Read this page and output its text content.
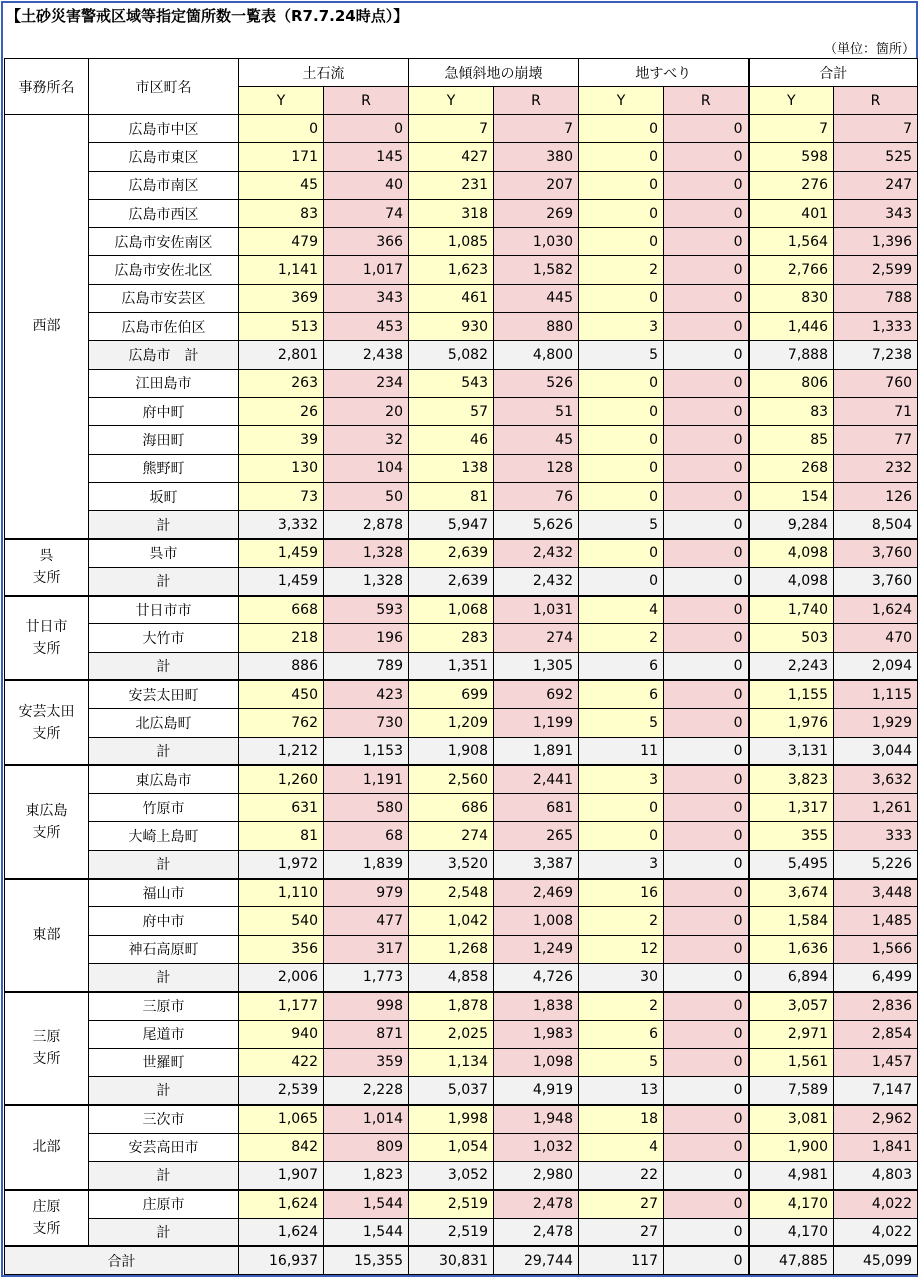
【土砂災害警戒区域等指定箇所数一覧表（R7.7.24時点）】
（単位：箇所）
事務所名	市区町名	土石流		急傾斜地の崩壊		地すべり		合計	
		Y	R	Y	R	Y	R	Y	R
西部	広島市中区	0	0	7	7	0	0	7	7
	広島市東区	171	145	427	380	0	0	598	525
	広島市南区	45	40	231	207	0	0	276	247
	広島市西区	83	74	318	269	0	0	401	343
	広島市安佐南区	479	366	1,085	1,030	0	0	1,564	1,396
	広島市安佐北区	1,141	1,017	1,623	1,582	2	0	2,766	2,599
	広島市安芸区	369	343	461	445	0	0	830	788
	広島市佐伯区	513	453	930	880	3	0	1,446	1,333
	広島市　計	2,801	2,438	5,082	4,800	5	0	7,888	7,238
	江田島市	263	234	543	526	0	0	806	760
	府中町	26	20	57	51	0	0	83	71
	海田町	39	32	46	45	0	0	85	77
	熊野町	130	104	138	128	0	0	268	232
	坂町	73	50	81	76	0	0	154	126
	計	3,332	2,878	5,947	5,626	5	0	9,284	8,504
呉
支所	呉市	1,459	1,328	2,639	2,432	0	0	4,098	3,760
	計	1,459	1,328	2,639	2,432	0	0	4,098	3,760
廿日市
支所	廿日市市	668	593	1,068	1,031	4	0	1,740	1,624
	大竹市	218	196	283	274	2	0	503	470
	計	886	789	1,351	1,305	6	0	2,243	2,094
安芸太田
支所	安芸太田町	450	423	699	692	6	0	1,155	1,115
	北広島町	762	730	1,209	1,199	5	0	1,976	1,929
	計	1,212	1,153	1,908	1,891	11	0	3,131	3,044
東広島
支所	東広島市	1,260	1,191	2,560	2,441	3	0	3,823	3,632
	竹原市	631	580	686	681	0	0	1,317	1,261
	大崎上島町	81	68	274	265	0	0	355	333
	計	1,972	1,839	3,520	3,387	3	0	5,495	5,226
東部	福山市	1,110	979	2,548	2,469	16	0	3,674	3,448
	府中市	540	477	1,042	1,008	2	0	1,584	1,485
	神石高原町	356	317	1,268	1,249	12	0	1,636	1,566
	計	2,006	1,773	4,858	4,726	30	0	6,894	6,499
三原
支所	三原市	1,177	998	1,878	1,838	2	0	3,057	2,836
	尾道市	940	871	2,025	1,983	6	0	2,971	2,854
	世羅町	422	359	1,134	1,098	5	0	1,561	1,457
	計	2,539	2,228	5,037	4,919	13	0	7,589	7,147
北部	三次市	1,065	1,014	1,998	1,948	18	0	3,081	2,962
	安芸高田市	842	809	1,054	1,032	4	0	1,900	1,841
	計	1,907	1,823	3,052	2,980	22	0	4,981	4,803
庄原
支所	庄原市	1,624	1,544	2,519	2,478	27	0	4,170	4,022
	計	1,624	1,544	2,519	2,478	27	0	4,170	4,022
合計		16,937	15,355	30,831	29,744	117	0	47,885	45,099
